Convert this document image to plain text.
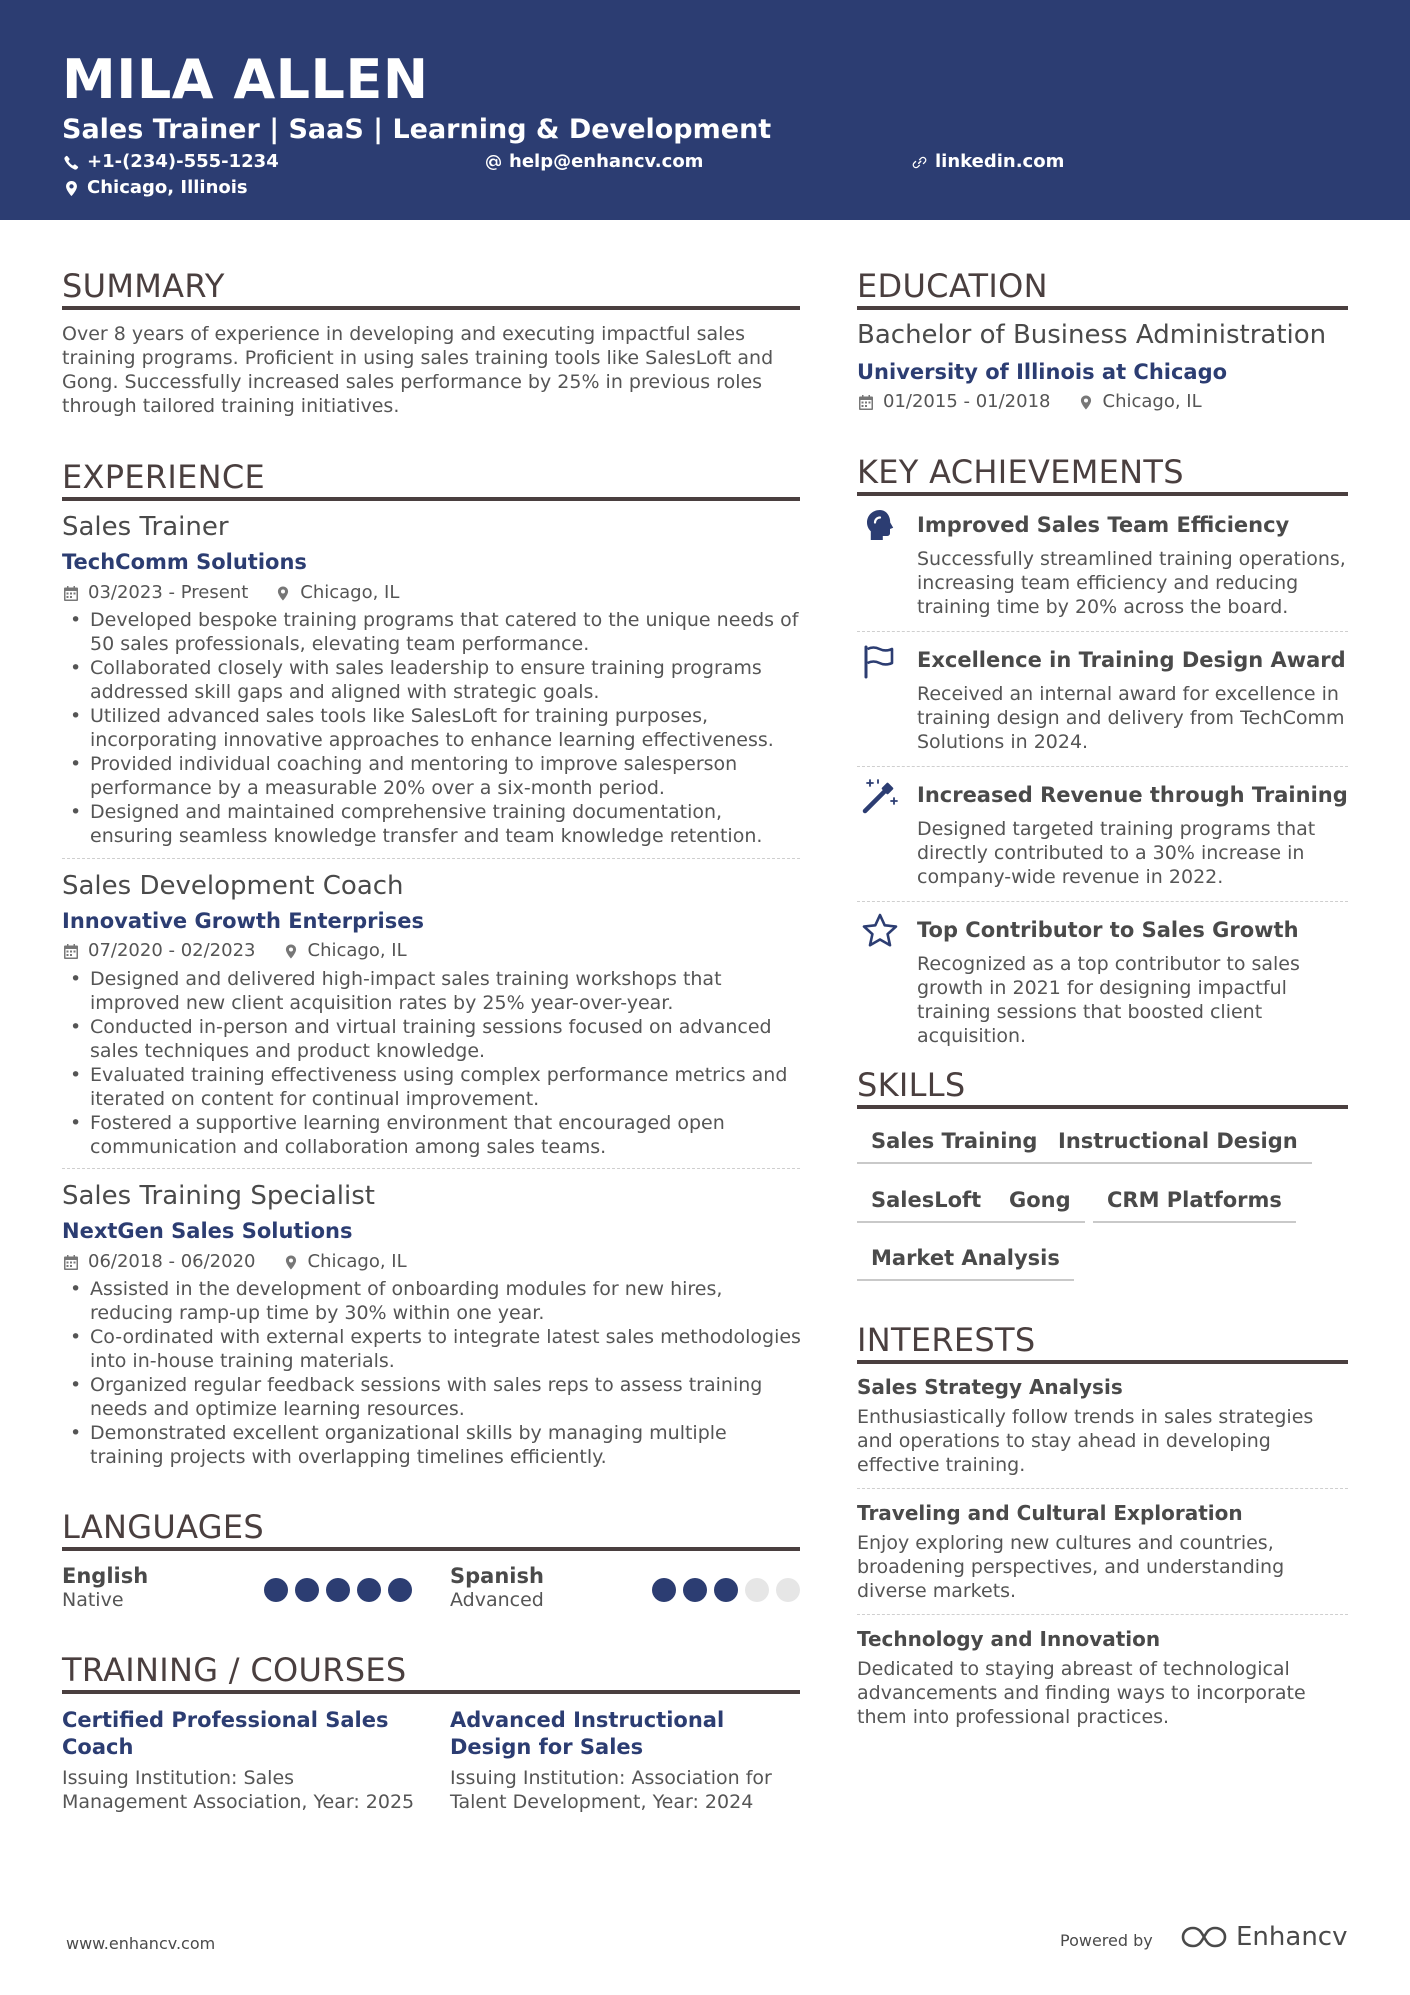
MILA ALLEN
Sales Trainer | SaaS | Learning & Development
+1-(234)-555-1234	help@enhancv.com	linkedin.com
Chicago, Illinois
SUMMARY
Over 8 years of experience in developing and executing impactful sales training programs. Proficient in using sales training tools like SalesLoft and Gong. Successfully increased sales performance by 25% in previous roles through tailored training initiatives.
EXPERIENCE
Sales Trainer
TechComm Solutions
03/2023 - Present	Chicago, IL
• Developed bespoke training programs that catered to the unique needs of 50 sales professionals, elevating team performance.
• Collaborated closely with sales leadership to ensure training programs addressed skill gaps and aligned with strategic goals.
• Utilized advanced sales tools like SalesLoft for training purposes, incorporating innovative approaches to enhance learning effectiveness.
• Provided individual coaching and mentoring to improve salesperson performance by a measurable 20% over a six-month period.
• Designed and maintained comprehensive training documentation, ensuring seamless knowledge transfer and team knowledge retention.
Sales Development Coach
Innovative Growth Enterprises
07/2020 - 02/2023	Chicago, IL
• Designed and delivered high-impact sales training workshops that improved new client acquisition rates by 25% year-over-year.
• Conducted in-person and virtual training sessions focused on advanced sales techniques and product knowledge.
• Evaluated training effectiveness using complex performance metrics and iterated on content for continual improvement.
• Fostered a supportive learning environment that encouraged open communication and collaboration among sales teams.
Sales Training Specialist
NextGen Sales Solutions
06/2018 - 06/2020	Chicago, IL
• Assisted in the development of onboarding modules for new hires, reducing ramp-up time by 30% within one year.
• Co-ordinated with external experts to integrate latest sales methodologies into in-house training materials.
• Organized regular feedback sessions with sales reps to assess training needs and optimize learning resources.
• Demonstrated excellent organizational skills by managing multiple training projects with overlapping timelines efficiently.
LANGUAGES
English
Native
Spanish
Advanced
TRAINING / COURSES
Certified Professional Sales Coach
Issuing Institution: Sales Management Association, Year: 2025
Advanced Instructional Design for Sales
Issuing Institution: Association for Talent Development, Year: 2024
EDUCATION
Bachelor of Business Administration
University of Illinois at Chicago
01/2015 - 01/2018	Chicago, IL
KEY ACHIEVEMENTS
Improved Sales Team Efficiency
Successfully streamlined training operations, increasing team efficiency and reducing training time by 20% across the board.
Excellence in Training Design Award
Received an internal award for excellence in training design and delivery from TechComm Solutions in 2024.
Increased Revenue through Training
Designed targeted training programs that directly contributed to a 30% increase in company-wide revenue in 2022.
Top Contributor to Sales Growth
Recognized as a top contributor to sales growth in 2021 for designing impactful training sessions that boosted client acquisition.
SKILLS
Sales Training Instructional Design
SalesLoft	Gong	CRM Platforms
Market Analysis
INTERESTS
Sales Strategy Analysis
Enthusiastically follow trends in sales strategies and operations to stay ahead in developing effective training.
Traveling and Cultural Exploration
Enjoy exploring new cultures and countries, broadening perspectives, and understanding diverse markets.
Technology and Innovation
Dedicated to staying abreast of technological advancements and finding ways to incorporate them into professional practices.
www.enhancv.com	Powered by	Enhancv
